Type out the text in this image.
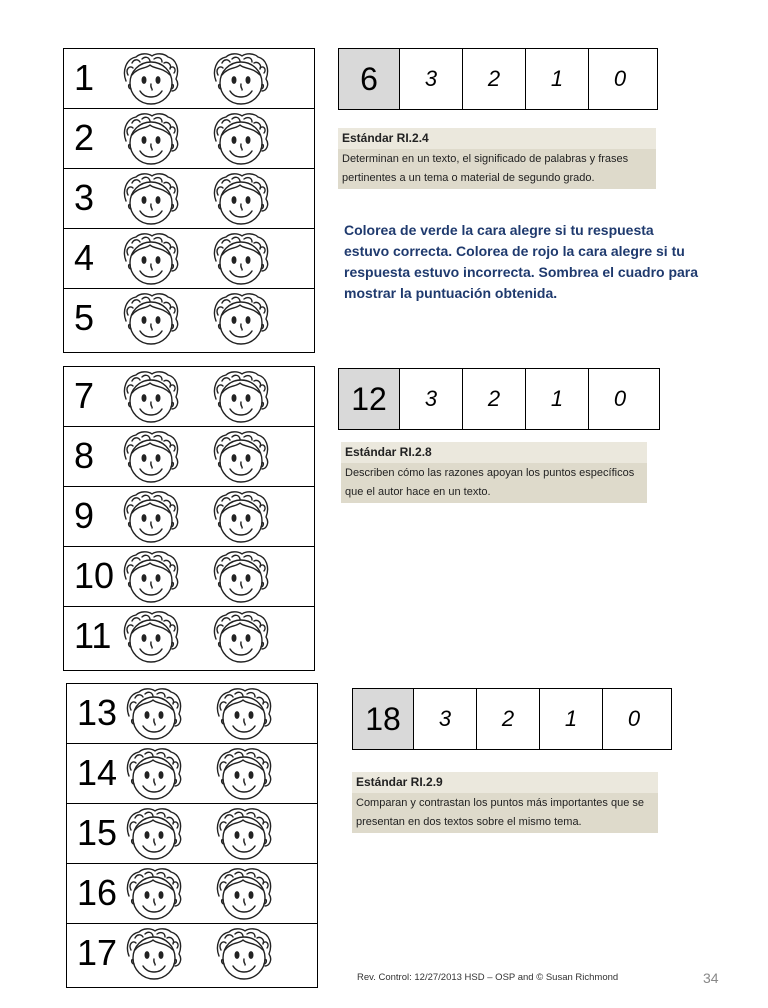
1
2
3
4
5
7
8
9
10
11
13
14
15
16
17
6	3	2	1	0
Estándar RI.2.4
Determinan en un texto, el significado de palabras y frases pertinentes a un tema o material de segundo grado.
Colorea de verde la cara alegre si tu respuesta estuvo correcta. Colorea de rojo la cara alegre si tu respuesta estuvo incorrecta. Sombrea el cuadro para mostrar la puntuación obtenida.
12	3	2	1	0
Estándar RI.2.8
Describen cómo las razones apoyan los puntos específicos que el autor hace en un texto.
18	3	2	1	0
Estándar RI.2.9
Comparan y contrastan los puntos más importantes que se presentan en dos textos sobre el mismo tema.
Rev. Control: 12/27/2013 HSD – OSP and © Susan Richmond	34
